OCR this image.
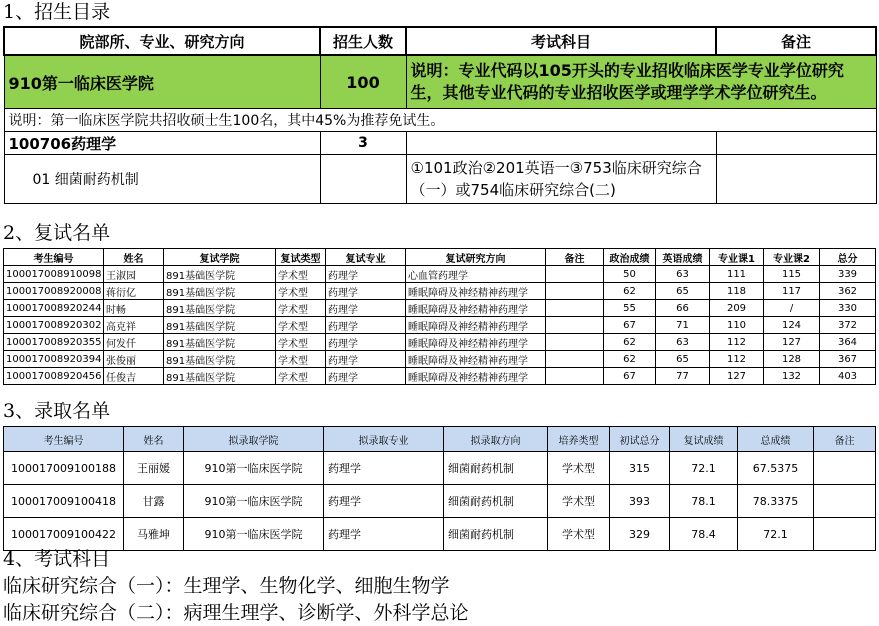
1、招生目录
院部所、专业、研究方向	招生人数	考试科目	备注
910第一临床医学院	100	说明：专业代码以105开头的专业招收临床医学专业学位研究生，其他专业代码的专业招收医学或理学学术学位研究生。	
说明：第一临床医学院共招收硕士生100名，其中45%为推荐免试生。			
100706药理学	3		
01 细菌耐药机制		①101政治②201英语一③753临床研究综合（一）或754临床研究综合(二)	
2、复试名单
考生编号	姓名	复试学院	复试类型	复试专业	复试研究方向	备注	政治成绩	英语成绩	专业课1	专业课2	总分
100017008910098	王淑园	891基础医学院	学术型	药理学	心血管药理学		50	63	111	115	339
100017008920008	蒋衍亿	891基础医学院	学术型	药理学	睡眠障碍及神经精神药理学		62	65	118	117	362
100017008920244	时畅	891基础医学院	学术型	药理学	睡眠障碍及神经精神药理学		55	66	209	/	330
100017008920302	高克祥	891基础医学院	学术型	药理学	睡眠障碍及神经精神药理学		67	71	110	124	372
100017008920355	何发仟	891基础医学院	学术型	药理学	睡眠障碍及神经精神药理学		62	63	112	127	364
100017008920394	张俊丽	891基础医学院	学术型	药理学	睡眠障碍及神经精神药理学		62	65	112	128	367
100017008920456	任俊吉	891基础医学院	学术型	药理学	睡眠障碍及神经精神药理学		67	77	127	132	403
3、录取名单
考生编号	姓名	拟录取学院	拟录取专业	拟录取方向	培养类型	初试总分	复试成绩	总成绩	备注
100017009100188	王丽媛	910第一临床医学院	药理学	细菌耐药机制	学术型	315	72.1	67.5375	
100017009100418	甘露	910第一临床医学院	药理学	细菌耐药机制	学术型	393	78.1	78.3375	
100017009100422	马雅坤	910第一临床医学院	药理学	细菌耐药机制	学术型	329	78.4	72.1	
4、考试科目
临床研究综合（一）：生理学、生物化学、细胞生物学
临床研究综合（二）：病理生理学、诊断学、外科学总论
